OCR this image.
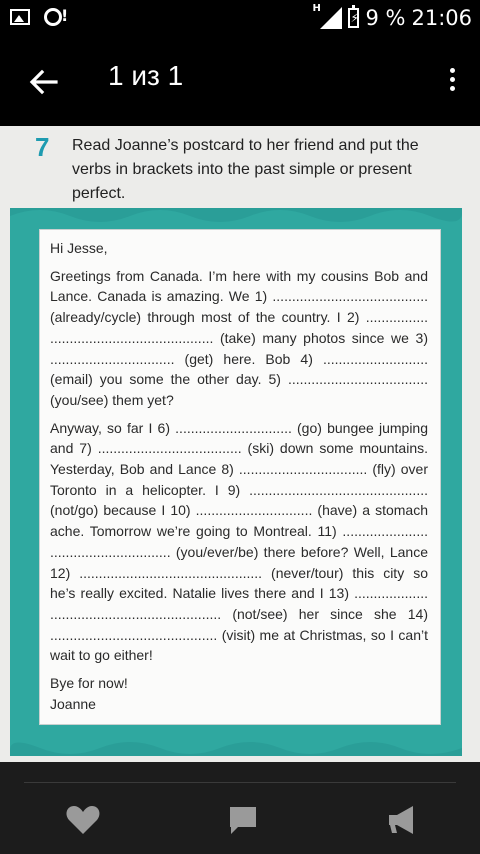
!
H
⚡ 9 % 21:06
1 из 1
7 Read Joanne’s postcard to her friend and put the verbs in brackets into the past simple or present perfect.

Hi Jesse,

Greetings from Canada. I’m here with my cousins Bob and Lance. Canada is amazing. We 1) ........................................ (already/cycle) through most of the country. I 2) ................ .......................................... (take) many photos since we 3) ................................ (get) here. Bob 4) ........................... (email) you some the other day. 5) .................................... (you/see) them yet?

Anyway, so far I 6) .............................. (go) bungee jumping and 7) ..................................... (ski) down some mountains. Yesterday, Bob and Lance 8) ................................. (fly) over Toronto in a helicopter. I 9) .............................................. (not/go) because I 10) .............................. (have) a stomach ache. Tomorrow we’re going to Montreal. 11) ...................... ............................... (you/ever/be) there before? Well, Lance 12) ............................................... (never/tour) this city so he’s really excited. Natalie lives there and I 13) ................... ............................................ (not/see) her since she 14) ........................................... (visit) me at Christmas, so I can’t wait to go either!

Bye for now!

Joanne
